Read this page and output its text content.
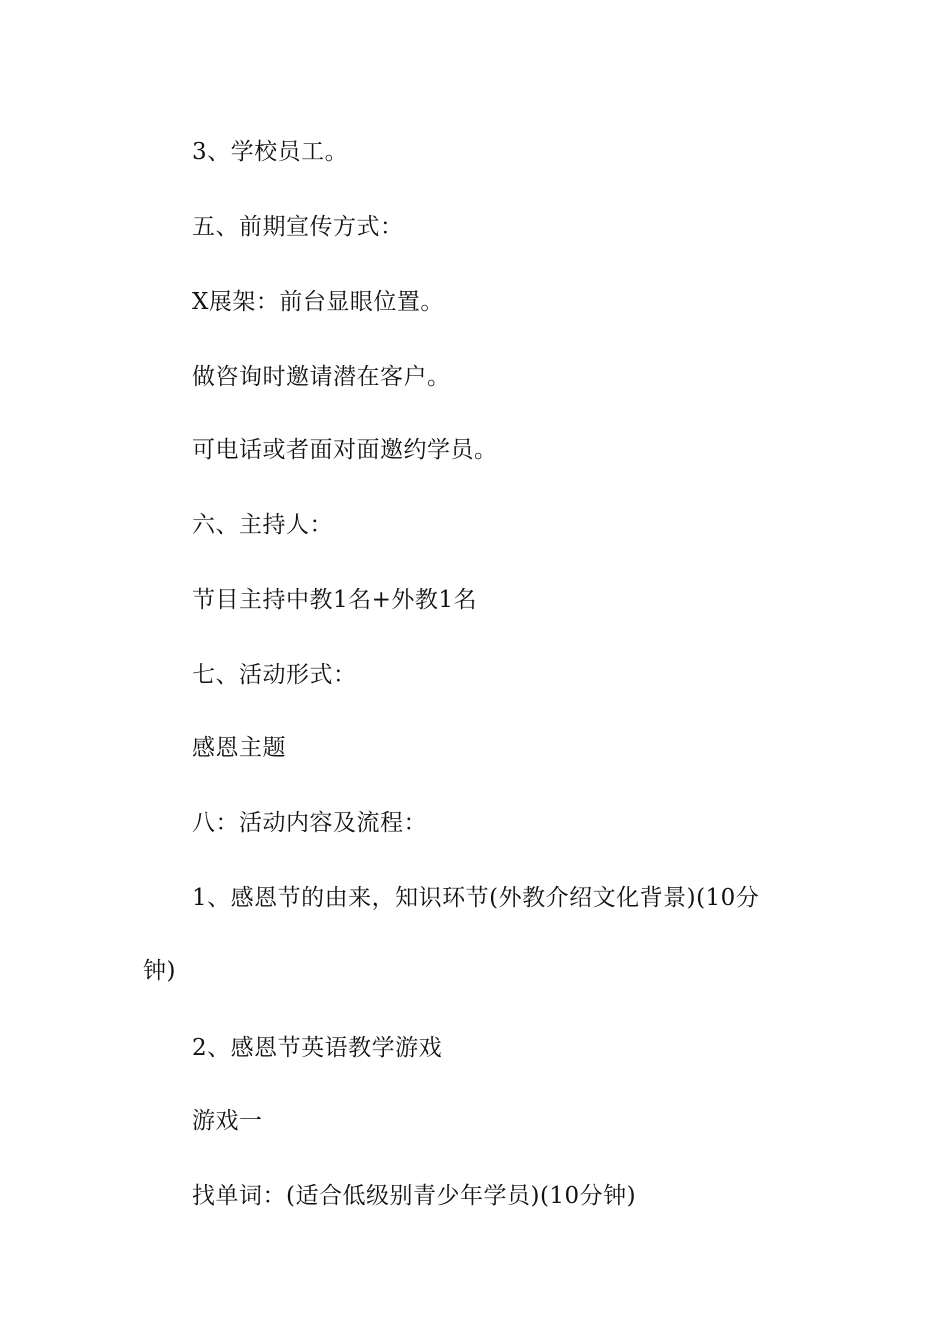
3、学校员工。
五、前期宣传方式：
X展架：前台显眼位置。
做咨询时邀请潜在客户。
可电话或者面对面邀约学员。
六、主持人：
节目主持中教1名+外教1名
七、活动形式：
感恩主题
八：活动内容及流程：
1、感恩节的由来，知识环节(外教介绍文化背景)(10分
钟)
2、感恩节英语教学游戏
游戏一
找单词：(适合低级别青少年学员)(10分钟)
